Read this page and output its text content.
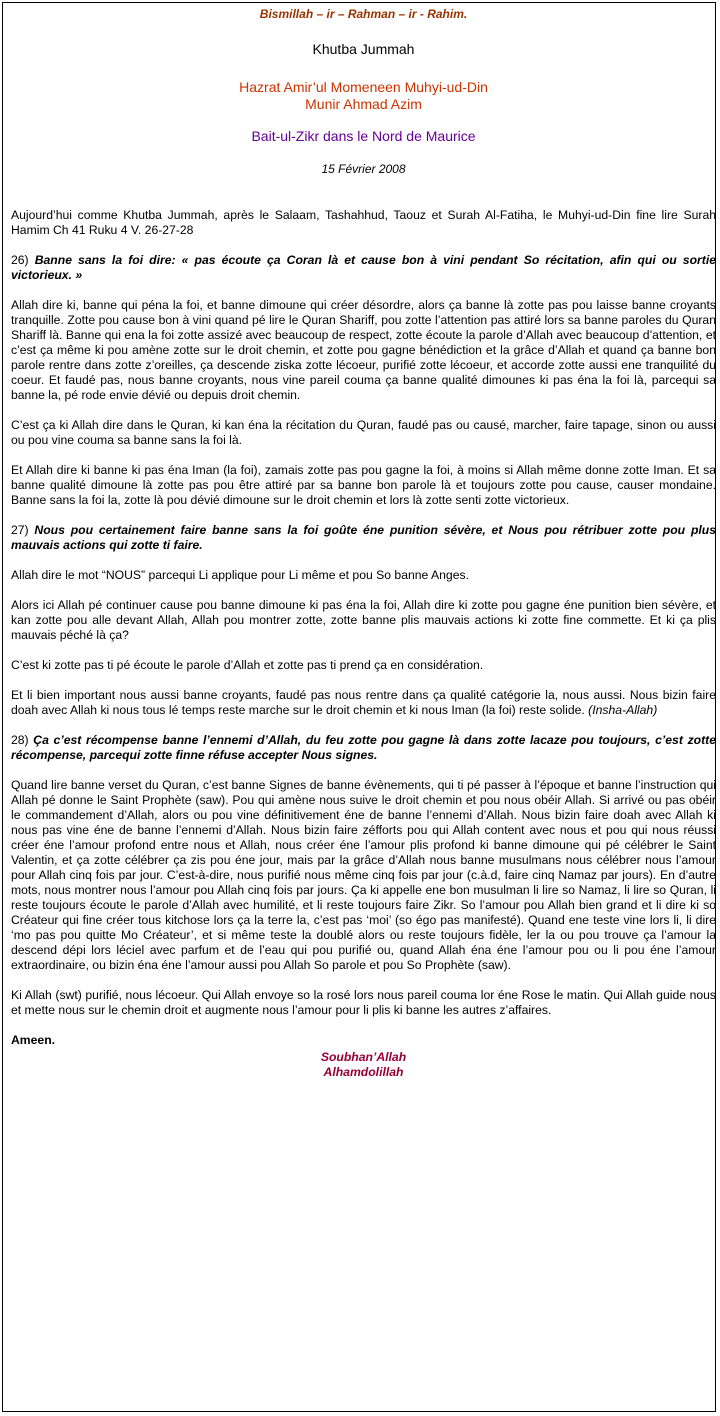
Bismillah – ir – Rahman – ir - Rahim.
Khutba Jummah
Hazrat Amir’ul Momeneen Muhyi-ud-Din
Munir Ahmad Azim
Bait-ul-Zikr dans le Nord de Maurice
15 Février 2008

Aujourd’hui comme Khutba Jummah, après le Salaam, Tashahhud, Taouz et Surah Al-Fatiha, le Muhyi-ud-Din fine lire Surah Hamim Ch 41 Ruku 4 V. 26-27-28

26) Banne sans la foi dire: « pas écoute ça Coran là et cause bon à vini pendant So récitation, afin qui ou sortie victorieux. »

Allah dire ki, banne qui péna la foi, et banne dimoune qui créer désordre, alors ça banne là zotte pas pou laisse banne croyants tranquille. Zotte pou cause bon à vini quand pé lire le Quran Shariff, pou zotte l’attention pas attiré lors sa banne paroles du Quran Shariff là. Banne qui ena la foi zotte assizé avec beaucoup de respect, zotte écoute la parole d’Allah avec beaucoup d’attention, et c’est ça même ki pou amène zotte sur le droit chemin, et zotte pou gagne bénédiction et la grâce d’Allah et quand ça banne bon parole rentre dans zotte z’oreilles, ça descende ziska zotte lécoeur, purifié zotte lécoeur, et accorde zotte aussi ene tranquilité du coeur. Et faudé pas, nous banne croyants, nous vine pareil couma ça banne qualité dimounes ki pas éna la foi là, parcequi sa banne la, pé rode envie dévié ou depuis droit chemin.

C’est ça ki Allah dire dans le Quran, ki kan éna la récitation du Quran, faudé pas ou causé, marcher, faire tapage, sinon ou aussi ou pou vine couma sa banne sans la foi là.

Et Allah dire ki banne ki pas éna Iman (la foi), zamais zotte pas pou gagne la foi, à moins si Allah même donne zotte Iman. Et sa banne qualité dimoune là zotte pas pou être attiré par sa banne bon parole là et toujours zotte pou cause, causer mondaine. Banne sans la foi la, zotte là pou dévié dimoune sur le droit chemin et lors là zotte senti zotte victorieux.

27) Nous pou certainement faire banne sans la foi goûte éne punition sévère, et Nous pou rétribuer zotte pou plus mauvais actions qui zotte ti faire.

Allah dire le mot “NOUS” parcequi Li applique pour Li même et pou So banne Anges.

Alors ici Allah pé continuer cause pou banne dimoune ki pas éna la foi, Allah dire ki zotte pou gagne éne punition bien sévère, et kan zotte pou alle devant Allah, Allah pou montrer zotte, zotte banne plis mauvais actions ki zotte fine commette. Et ki ça plis mauvais péché là ça?

C’est ki zotte pas ti pé écoute le parole d’Allah et zotte pas ti prend ça en considération.

Et li bien important nous aussi banne croyants, faudé pas nous rentre dans ça qualité catégorie la, nous aussi. Nous bizin faire doah avec Allah ki nous tous lé temps reste marche sur le droit chemin et ki nous Iman (la foi) reste solide. (Insha-Allah)

28) Ça c’est récompense banne l’ennemi d’Allah, du feu zotte pou gagne là dans zotte lacaze pou toujours, c’est zotte récompense, parcequi zotte finne réfuse accepter Nous signes.

Quand lire banne verset du Quran, c’est banne Signes de banne évènements, qui ti pé passer à l’époque et banne l’instruction qui Allah pé donne le Saint Prophète (saw). Pou qui amène nous suive le droit chemin et pou nous obéir Allah. Si arrivé ou pas obéir le commandement d’Allah, alors ou pou vine définitivement éne de banne l’ennemi d’Allah. Nous bizin faire doah avec Allah ki nous pas vine éne de banne l’ennemi d’Allah. Nous bizin faire zéfforts pou qui Allah content avec nous et pou qui nous réussi créer éne l’amour profond entre nous et Allah, nous créer éne l’amour plis profond ki banne dimoune qui pé célébrer le Saint Valentin, et ça zotte célébrer ça zis pou éne jour, mais par la grâce d’Allah nous banne musulmans nous célébrer nous l’amour pour Allah cinq fois par jour. C’est-à-dire, nous purifié nous même cinq fois par jour (c.à.d, faire cinq Namaz par jours). En d’autre mots, nous montrer nous l’amour pou Allah cinq fois par jours. Ça ki appelle ene bon musulman li lire so Namaz, li lire so Quran, li reste toujours écoute le parole d’Allah avec humilité, et li reste toujours faire Zikr. So l’amour pou Allah bien grand et li dire ki so Créateur qui fine créer tous kitchose lors ça la terre la, c’est pas ‘moi’ (so égo pas manifesté). Quand ene teste vine lors li, li dire ‘mo pas pou quitte Mo Créateur’, et si même teste la doublé alors ou reste toujours fidèle, ler la ou pou trouve ça l’amour la descend dépi lors léciel avec parfum et de l’eau qui pou purifié ou, quand Allah éna éne l’amour pou ou li pou éne l’amour extraordinaire, ou bizin éna éne l’amour aussi pou Allah So parole et pou So Prophète (saw).

Ki Allah (swt) purifié, nous lécoeur. Qui Allah envoye so la rosé lors nous pareil couma lor éne Rose le matin. Qui Allah guide nous et mette nous sur le chemin droit et augmente nous l’amour pour li plis ki banne les autres z’affaires.

Ameen.
Soubhan’Allah
Alhamdolillah
